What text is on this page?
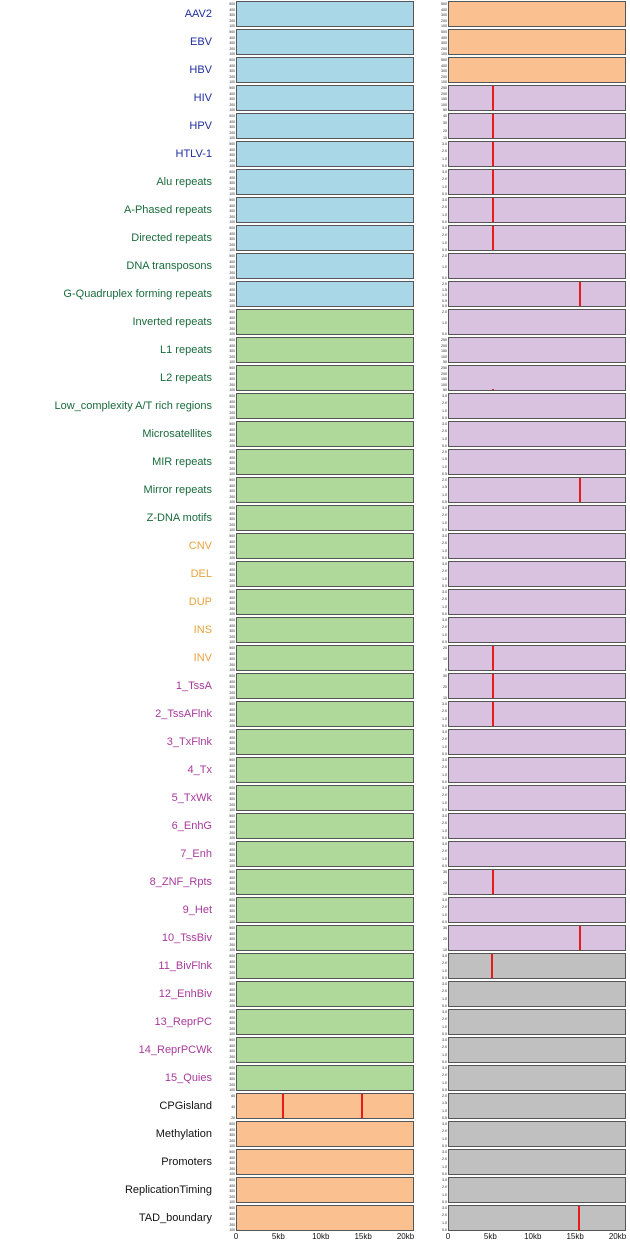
AAV2
500
400
300
200
100
500
400
300
200
100
EBV
500
400
300
200
100
500
400
300
200
100
HBV
500
400
300
200
100
500
400
300
200
100
HIV
500
400
300
200
100
250
200
150
100
50
HPV
500
400
300
200
100
40
30
20
10
HTLV-1
500
400
300
200
100
3.0
2.0
1.0
0.0
Alu repeats
500
400
300
200
100
3.0
2.0
1.0
0.0
A-Phased repeats
500
400
300
200
100
3.0
2.0
1.0
0.0
Directed repeats
500
400
300
200
100
3.0
2.0
1.0
0.0
DNA transposons
500
400
300
200
100
2.0
1.0
0.0
G-Quadruplex forming repeats
500
400
300
200
100
2.0
1.5
1.0
0.5
0.0
Inverted repeats
500
400
300
200
100
2.0
1.0
0.0
L1 repeats
500
400
300
200
100
250
200
150
100
50
L2 repeats
500
400
300
200
100
250
200
150
100
50
Low_complexity A/T rich regions
500
400
300
200
100
3.0
2.0
1.0
0.0
Microsatellites
500
400
300
200
100
3.0
2.0
1.0
0.0
MIR repeats
500
400
300
200
100
2.0
1.5
1.0
0.5
Mirror repeats
500
400
300
200
100
2.0
1.5
1.0
0.5
Z-DNA motifs
500
400
300
200
100
3.0
2.0
1.0
0.0
CNV
500
400
300
200
100
3.0
2.0
1.0
0.0
DEL
500
400
300
200
100
3.0
2.0
1.0
0.0
DUP
500
400
300
200
100
3.0
2.0
1.0
0.0
INS
500
400
300
200
100
3.0
2.0
1.0
0.0
INV
500
400
300
200
100
20
10
0
1_TssA
500
400
300
200
100
30
20
10
2_TssAFlnk
500
400
300
200
100
3.0
2.0
1.0
0.0
3_TxFlnk
500
400
300
200
100
3.0
2.0
1.0
0.0
4_Tx
500
400
300
200
100
3.0
2.0
1.0
0.0
5_TxWk
500
400
300
200
100
3.0
2.0
1.0
0.0
6_EnhG
500
400
300
200
100
3.0
2.0
1.0
0.0
7_Enh
500
400
300
200
100
3.0
2.0
1.0
0.0
8_ZNF_Rpts
500
400
300
200
100
30
20
10
9_Het
500
400
300
200
100
3.0
2.0
1.0
0.0
10_TssBiv
500
400
300
200
100
30
20
10
11_BivFlnk
500
400
300
200
100
3.0
2.0
1.0
0.0
12_EnhBiv
500
400
300
200
100
3.0
2.0
1.0
0.0
13_ReprPC
500
400
300
200
100
3.0
2.0
1.0
0.0
14_ReprPCWk
500
400
300
200
100
3.0
2.0
1.0
0.0
15_Quies
500
400
300
200
100
3.0
2.0
1.0
0.0
CPGisland
60
40
20
2.0
1.5
1.0
0.5
Methylation
500
400
300
200
100
3.0
2.0
1.0
0.0
Promoters
500
400
300
200
100
3.0
2.0
1.0
0.0
ReplicationTiming
500
400
300
200
100
3.0
2.0
1.0
0.0
TAD_boundary
500
400
300
200
100
3.0
2.0
1.0
0.0
0	5kb	10kb	15kb	20kb	0	5kb	10kb	15kb	20kb
